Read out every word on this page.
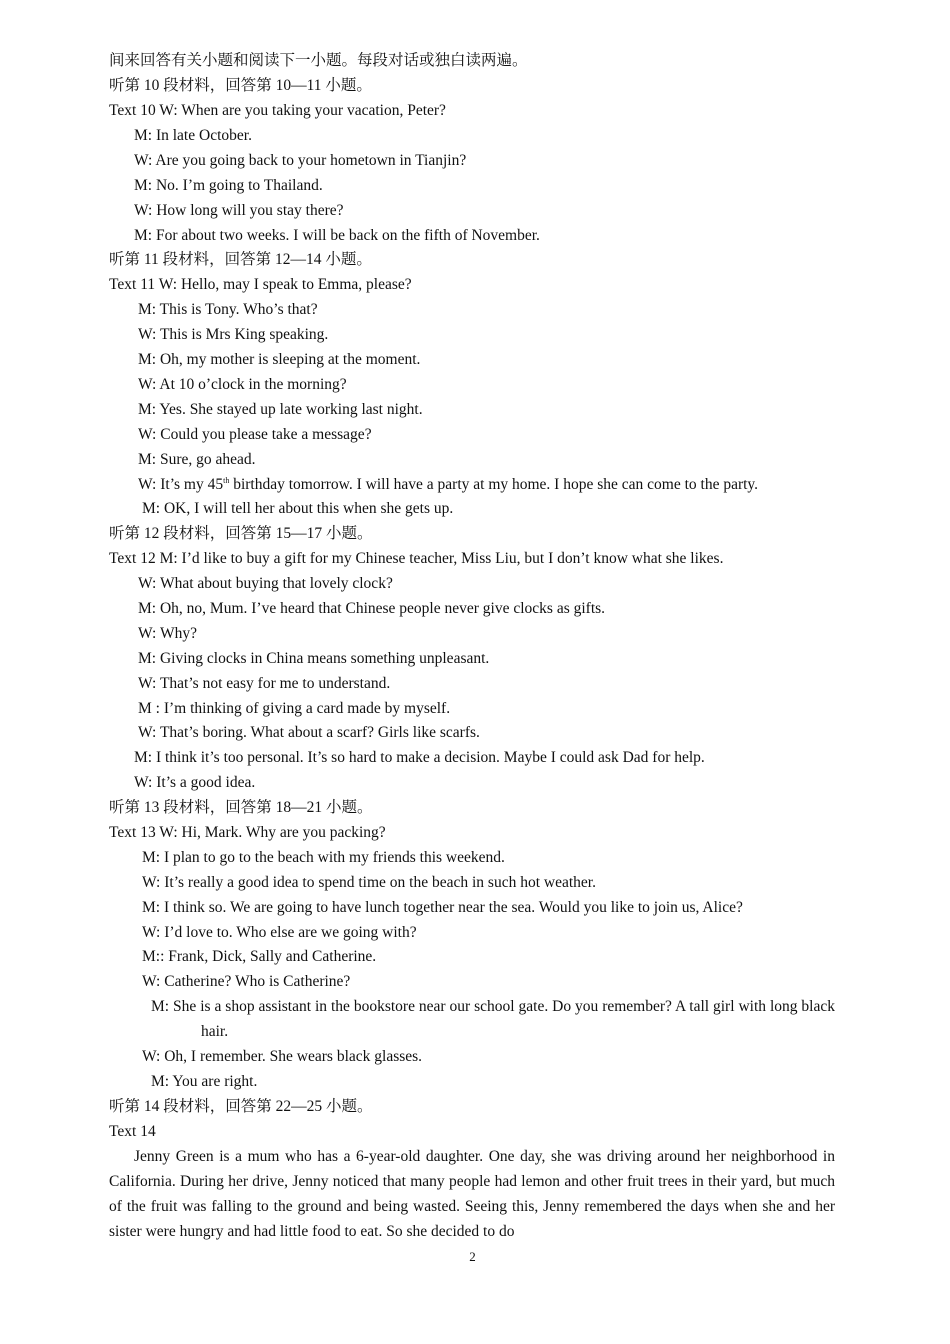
间来回答有关小题和阅读下一小题。每段对话或独白读两遍。
听第 10 段材料，回答第 10—11 小题。
Text 10 W: When are you taking your vacation, Peter?
M: In late October.
W: Are you going back to your hometown in Tianjin?
M: No. I’m going to Thailand.
W: How long will you stay there?
M: For about two weeks. I will be back on the fifth of November.
听第 11 段材料，回答第 12—14 小题。
Text 11 W: Hello, may I speak to Emma, please?
M: This is Tony. Who’s that?
W: This is Mrs King speaking.
M: Oh, my mother is sleeping at the moment.
W: At 10 o’clock in the morning?
M: Yes. She stayed up late working last night.
W: Could you please take a message?
M: Sure, go ahead.
W: It’s my 45th birthday tomorrow. I will have a party at my home. I hope she can come to the party.
M: OK, I will tell her about this when she gets up.
听第 12 段材料，回答第 15—17 小题。
Text 12 M: I’d like to buy a gift for my Chinese teacher, Miss Liu, but I don’t know what she likes.
W: What about buying that lovely clock?
M: Oh, no, Mum. I’ve heard that Chinese people never give clocks as gifts.
W: Why?
M: Giving clocks in China means something unpleasant.
W: That’s not easy for me to understand.
M : I’m thinking of giving a card made by myself.
W: That’s boring. What about a scarf? Girls like scarfs.
M: I think it’s too personal. It’s so hard to make a decision. Maybe I could ask Dad for help.
W: It’s a good idea.
听第 13 段材料，回答第 18—21 小题。
Text 13 W: Hi, Mark. Why are you packing?
M: I plan to go to the beach with my friends this weekend.
W: It’s really a good idea to spend time on the beach in such hot weather.
M: I think so. We are going to have lunch together near the sea. Would you like to join us, Alice?
W: I’d love to. Who else are we going with?
M:: Frank, Dick, Sally and Catherine.
W: Catherine? Who is Catherine?
M: She is a shop assistant in the bookstore near our school gate. Do you remember? A tall girl with long black hair.
W: Oh, I remember. She wears black glasses.
M: You are right.
听第 14 段材料，回答第 22—25 小题。
Text 14
Jenny Green is a mum who has a 6-year-old daughter. One day, she was driving around her neighborhood in California. During her drive, Jenny noticed that many people had lemon and other fruit trees in their yard, but much of the fruit was falling to the ground and being wasted. Seeing this, Jenny remembered the days when she and her sister were hungry and had little food to eat. So she decided to do
2
